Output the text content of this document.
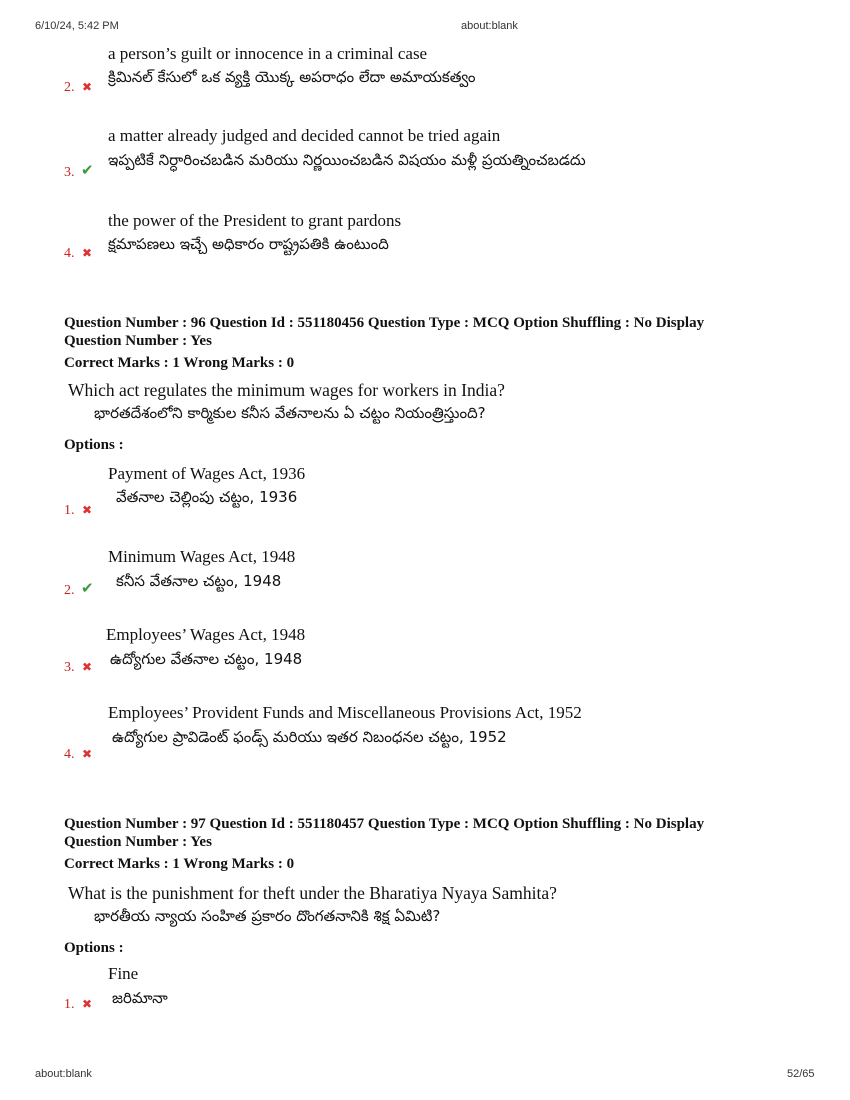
6/10/24, 5:42 PM	about:blank
a person’s guilt or innocence in a criminal case
క్రిమినల్ కేసులో ఒక వ్యక్తి యొక్క అపరాధం లేదా అమాయకత్వం
2. ✖
a matter already judged and decided cannot be tried again
ఇప్పటికే నిర్ధారించబడిన మరియు నిర్ణయించబడిన విషయం మళ్లీ ప్రయత్నించబడదు
3. ✔
the power of the President to grant pardons
క్షమాపణలు ఇచ్చే అధికారం రాష్ట్రపతికి ఉంటుంది
4. ✖
Question Number : 96 Question Id : 551180456 Question Type : MCQ Option Shuffling : No Display
Question Number : Yes
Correct Marks : 1 Wrong Marks : 0
Which act regulates the minimum wages for workers in India?
భారతదేశంలోని కార్మికుల కనీస వేతనాలను ఏ చట్టం నియంత్రిస్తుంది?
Options :
Payment of Wages Act, 1936
వేతనాల చెల్లింపు చట్టం, 1936
1. ✖
Minimum Wages Act, 1948
కనీస వేతనాల చట్టం, 1948
2. ✔
Employees’ Wages Act, 1948
ఉద్యోగుల వేతనాల చట్టం, 1948
3. ✖
Employees’ Provident Funds and Miscellaneous Provisions Act, 1952
ఉద్యోగుల ప్రావిడెంట్ ఫండ్స్ మరియు ఇతర నిబంధనల చట్టం, 1952
4. ✖
Question Number : 97 Question Id : 551180457 Question Type : MCQ Option Shuffling : No Display
Question Number : Yes
Correct Marks : 1 Wrong Marks : 0
What is the punishment for theft under the Bharatiya Nyaya Samhita?
భారతీయ న్యాయ సంహిత ప్రకారం దొంగతనానికి శిక్ష ఏమిటి?
Options :
Fine
జరిమానా
1. ✖
about:blank	52/65
